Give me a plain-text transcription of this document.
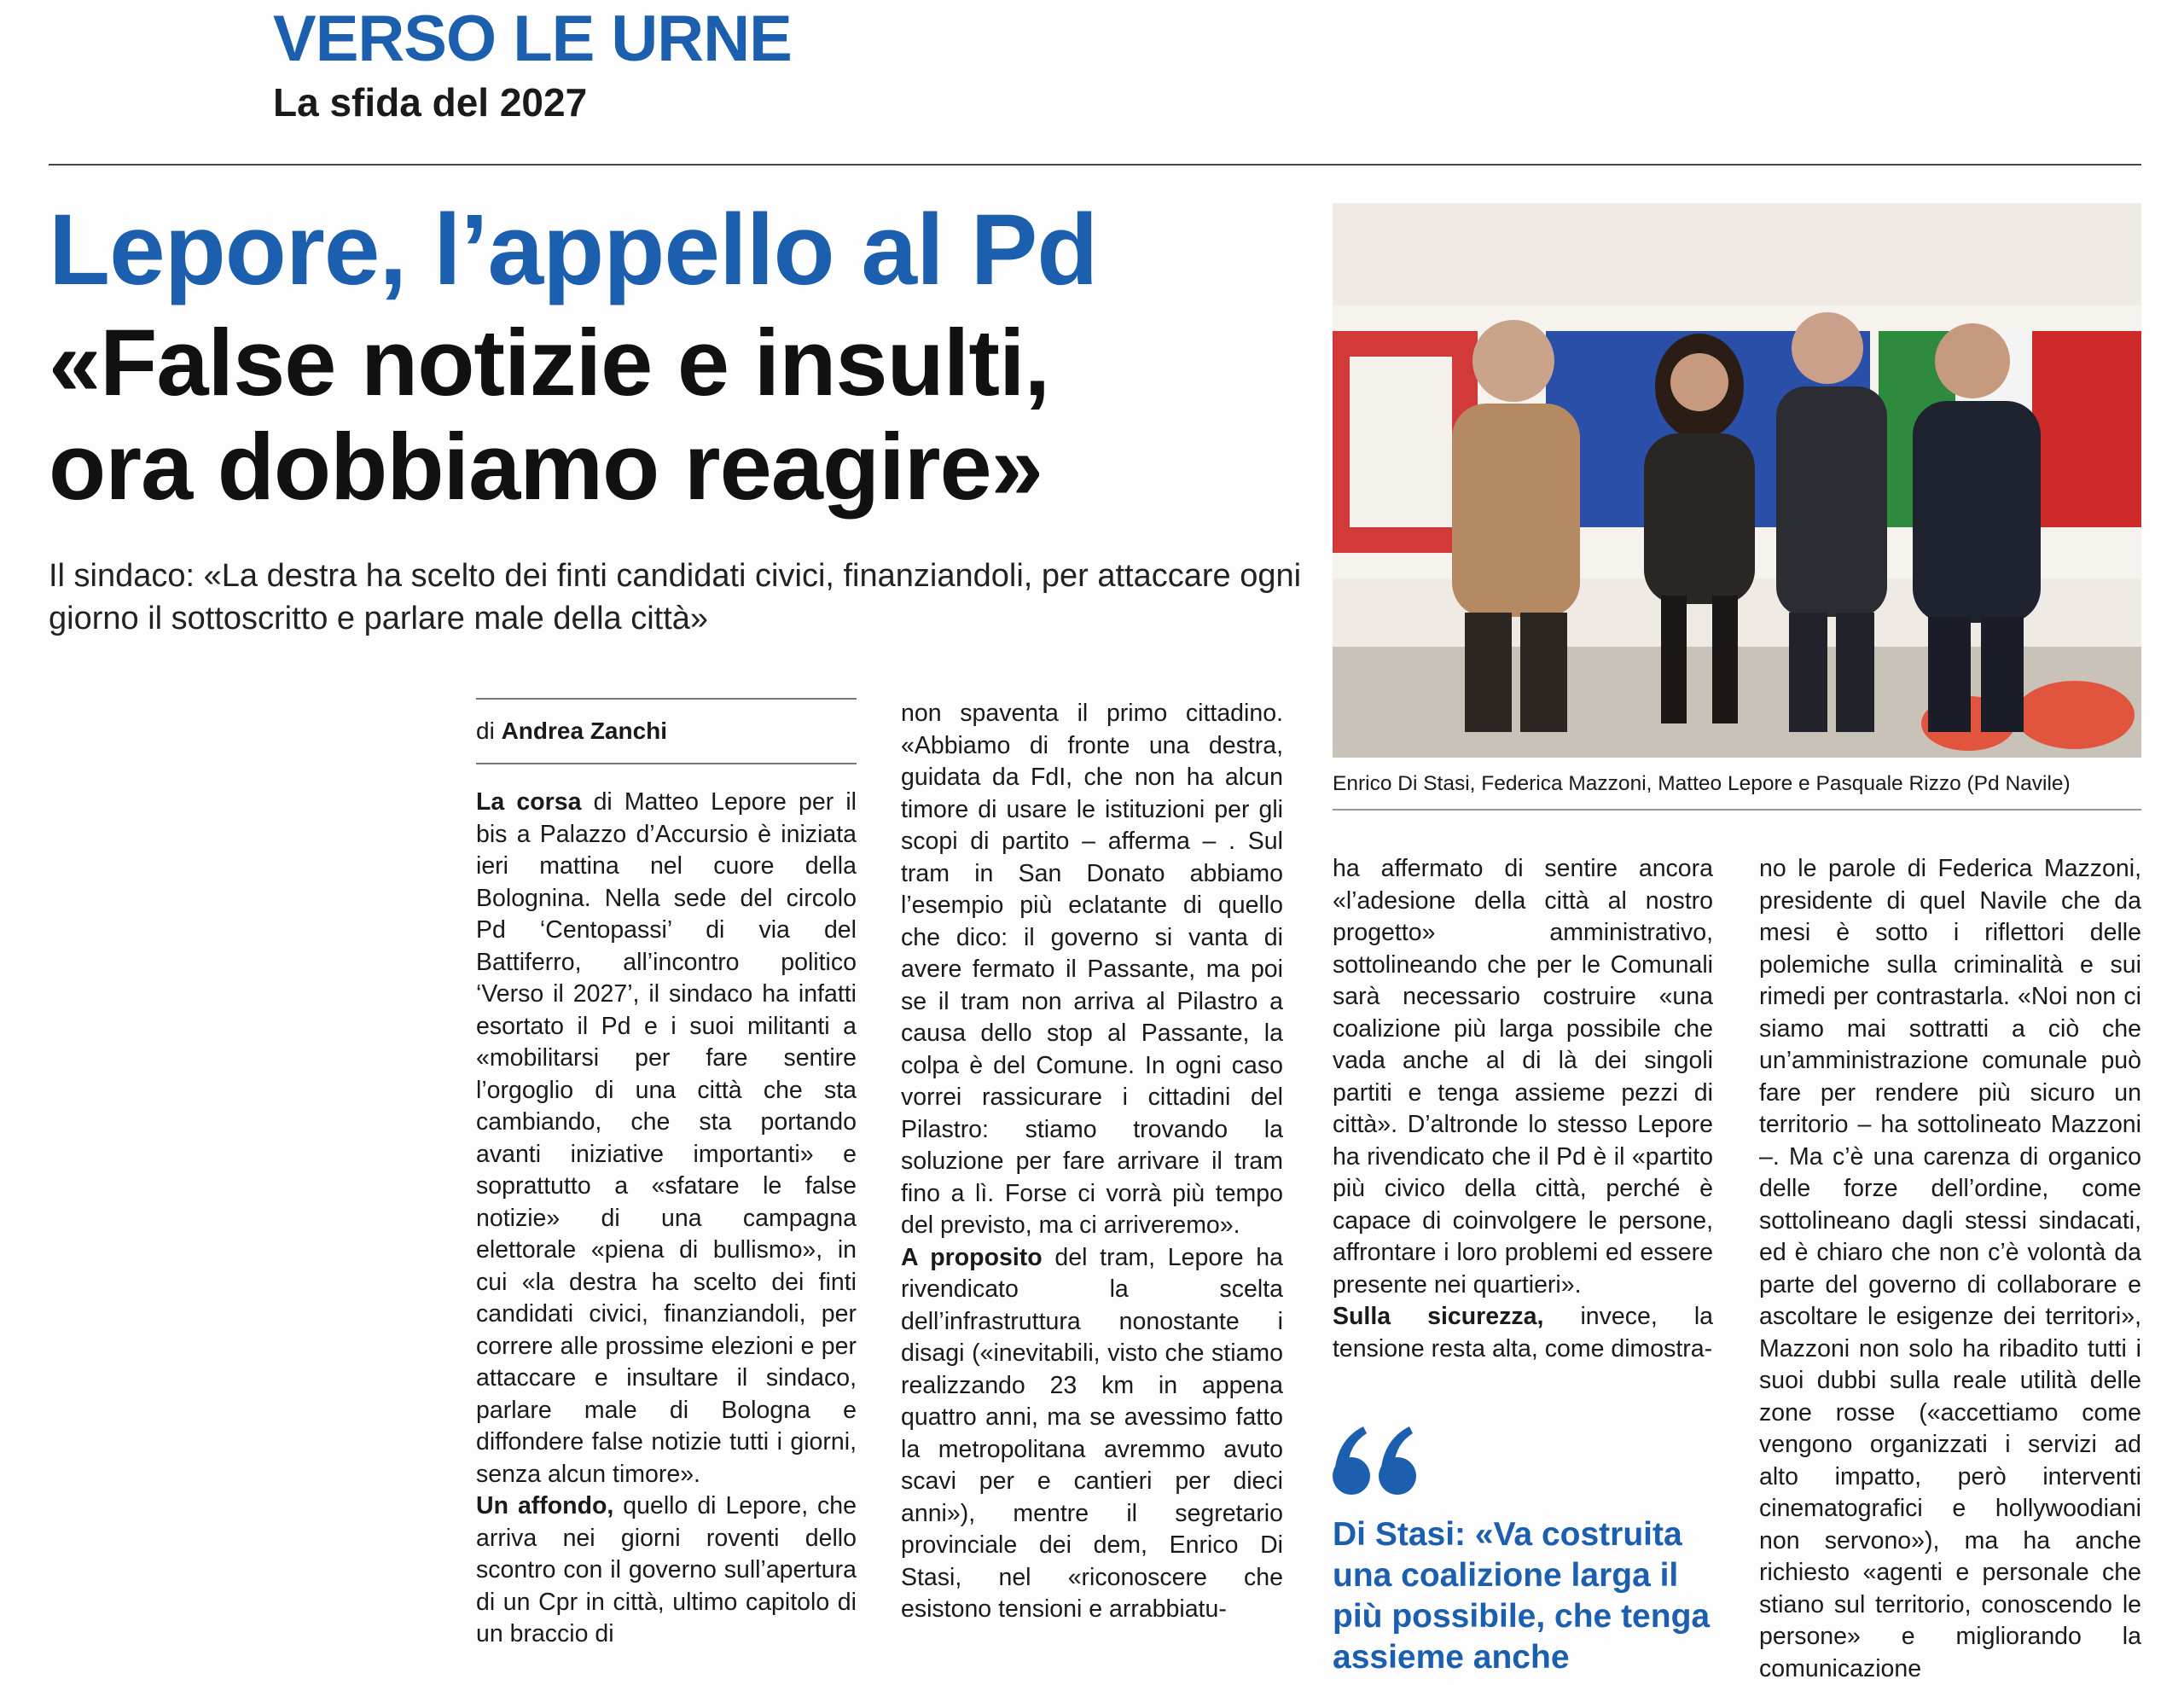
VERSO LE URNE
La sfida del 2027
Lepore, l’appello al Pd
«False notizie e insulti,
ora dobbiamo reagire»
Il sindaco: «La destra ha scelto dei finti candidati civici, finanziandoli, per attaccare ogni giorno il sottoscritto e parlare male della città»
di Andrea Zanchi

La corsa di Matteo Lepore per il bis a Palazzo d’Accursio è iniziata ieri mattina nel cuore della Bolognina. Nella sede del circolo Pd ‘Centopassi’ di via del Battiferro, all’incontro politico ‘Verso il 2027’, il sindaco ha infatti esortato il Pd e i suoi militanti a «mobilitarsi per fare sentire l’orgoglio di una città che sta cambiando, che sta portando avanti iniziative importanti» e soprattutto a «sfatare le false notizie» di una campagna elettorale «piena di bullismo», in cui «la destra ha scelto dei finti candidati civici, finanziandoli, per correre alle prossime elezioni e per attaccare e insultare il sindaco, parlare male di Bologna e diffondere false notizie tutti i giorni, senza alcun timore».

Un affondo, quello di Lepore, che arriva nei giorni roventi dello scontro con il governo sull’apertura di un Cpr in città, ultimo capitolo di un braccio di

non spaventa il primo cittadino. «Abbiamo di fronte una destra, guidata da FdI, che non ha alcun timore di usare le istituzioni per gli scopi di partito – afferma – . Sul tram in San Donato abbiamo l’esempio più eclatante di quello che dico: il governo si vanta di avere fermato il Passante, ma poi se il tram non arriva al Pilastro a causa dello stop al Passante, la colpa è del Comune. In ogni caso vorrei rassicurare i cittadini del Pilastro: stiamo trovando la soluzione per fare arrivare il tram fino a lì. Forse ci vorrà più tempo del previsto, ma ci arriveremo».

A proposito del tram, Lepore ha rivendicato la scelta dell’infrastruttura nonostante i disagi («inevitabili, visto che stiamo realizzando 23 km in appena quattro anni, ma se avessimo fatto la metropolitana avremmo avuto scavi per e cantieri per dieci anni»), mentre il segretario provinciale dei dem, Enrico Di Stasi, nel «riconoscere che esistono tensioni e arrabbiatu-

Enrico Di Stasi, Federica Mazzoni, Matteo Lepore e Pasquale Rizzo (Pd Navile)

ha affermato di sentire ancora «l’adesione della città al nostro progetto» amministrativo, sottolineando che per le Comunali sarà necessario costruire «una coalizione più larga possibile che vada anche al di là dei singoli partiti e tenga assieme pezzi di città». D’altronde lo stesso Lepore ha rivendicato che il Pd è il «partito più civico della città, perché è capace di coinvolgere le persone, affrontare i loro problemi ed essere presente nei quartieri».

Sulla sicurezza, invece, la tensione resta alta, come dimostra-

Di Stasi: «Va costruita una coalizione larga il più possibile, che tenga assieme anche

no le parole di Federica Mazzoni, presidente di quel Navile che da mesi è sotto i riflettori delle polemiche sulla criminalità e sui rimedi per contrastarla. «Noi non ci siamo mai sottratti a ciò che un’amministrazione comunale può fare per rendere più sicuro un territorio – ha sottolineato Mazzoni –. Ma c’è una carenza di organico delle forze dell’ordine, come sottolineano dagli stessi sindacati, ed è chiaro che non c’è volontà da parte del governo di collaborare e ascoltare le esigenze dei territori», Mazzoni non solo ha ribadito tutti i suoi dubbi sulla reale utilità delle zone rosse («accettiamo come vengono organizzati i servizi ad alto impatto, però interventi cinematografici e hollywoodiani non servono»), ma ha anche richiesto «agenti e personale che stiano sul territorio, conoscendo le persone» e migliorando la comunicazione
